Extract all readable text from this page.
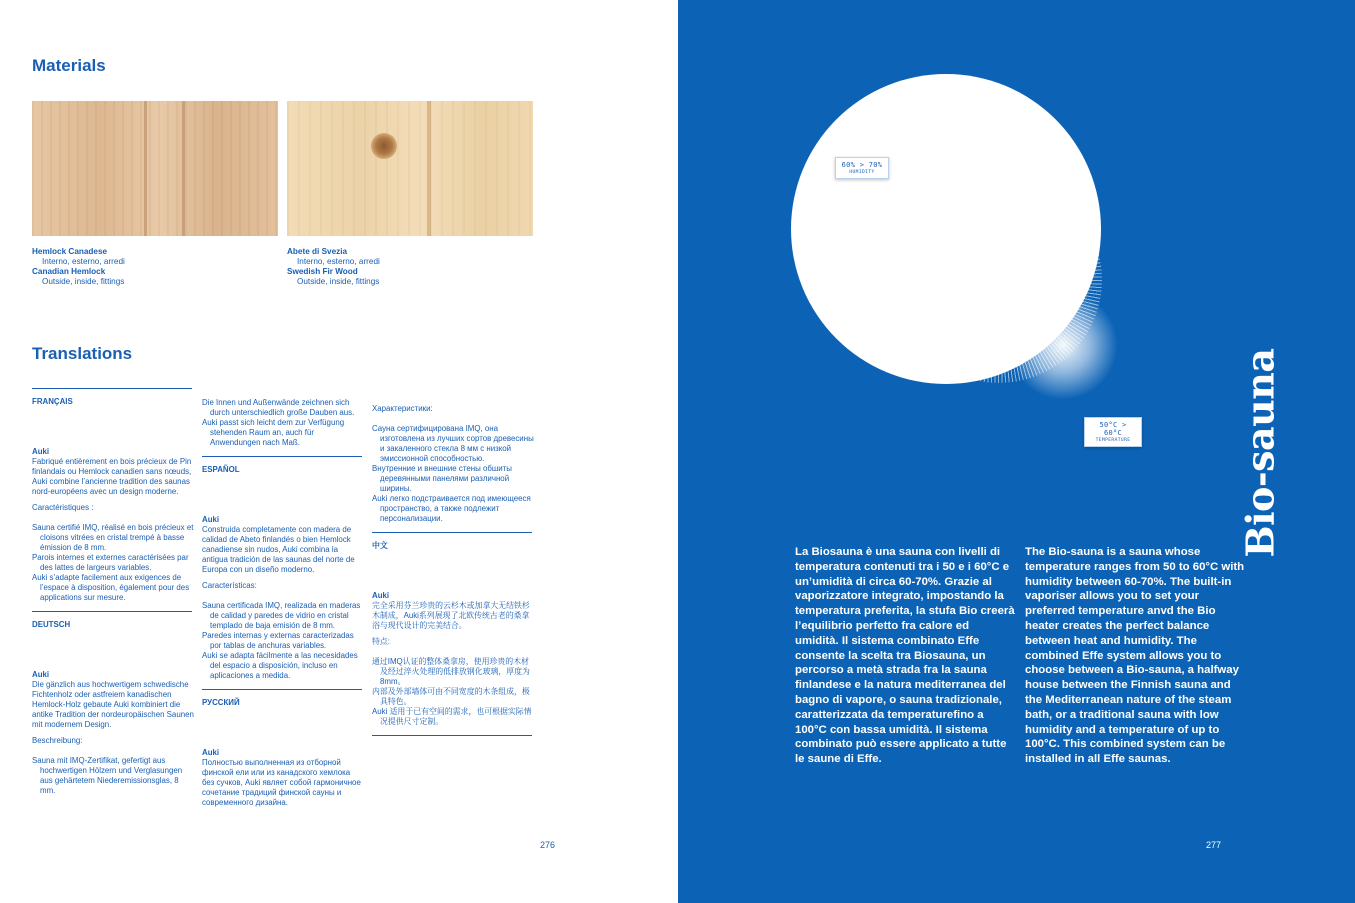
Materials
Hemlock Canadese
Interno, esterno, arredi
Canadian Hemlock
Outside, inside, fittings
Abete di Svezia
Interno, esterno, arredi
Swedish Fir Wood
Outside, inside, fittings
Translations
FRANÇAIS
Auki
Fabriqué entièrement en bois précieux de Pin finlandais ou Hemlock canadien sans nœuds, Auki combine l’ancienne tradition des saunas nord-européens avec un design moderne.
Caractéristiques :
Sauna certifié IMQ, réalisé en bois précieux et cloisons vitrées en cristal trempé à basse émission de 8 mm.
Parois internes et externes caractérisées par des lattes de largeurs variables.
Auki s’adapte facilement aux exigences de l’espace à disposition, également pour des applications sur mesure.
DEUTSCH
Auki
Die gänzlich aus hochwertigem schwedische Fichtenholz oder astfreiem kanadischen Hemlock-Holz gebaute Auki kombiniert die antike Tradition der nordeuropäischen Saunen mit modernem Design.
Beschreibung:
Sauna mit IMQ-Zertifikat, gefertigt aus hochwertigen Hölzern und Verglasungen aus gehärtetem Niederemissionsglas, 8 mm.
Die Innen und Außenwände zeichnen sich durch unterschiedlich große Dauben aus.
Auki passt sich leicht dem zur Verfügung stehenden Raum an, auch für Anwendungen nach Maß.
ESPAÑOL
Auki
Construida completamente con madera de calidad de Abeto finlandés o bien Hemlock canadiense sin nudos, Auki combina la antigua tradición de las saunas del norte de Europa con un diseño moderno.
Características:
Sauna certificada IMQ, realizada en maderas de calidad y paredes de vidrio en cristal templado de baja emisión de 8 mm.
Paredes internas y externas caracterizadas por tablas de anchuras variables.
Auki se adapta fácilmente a las necesidades del espacio a disposición, incluso en aplicaciones a medida.
РУССКИЙ
Auki
Полностью выполненная из отборной финской ели или из канадского хемлока без сучков, Auki являет собой гармоничное сочетание традиций финской сауны и современного дизайна.
Характеристики:
Сауна сертифицирована IMQ, она изготовлена из лучших сортов древесины и закаленного стекла 8 мм с низкой эмиссионной способностью.
Внутренние и внешние стены обшиты деревянными панелями различной ширины.
Auki легко подстраивается под имеющееся пространство, а также подлежит персонализации.
中文
Auki
完全采用芬兰珍贵的云杉木或加拿大无结铁杉木制成，Auki系列展现了北欧传统古老的桑拿浴与现代设计的完美结合。
特点:
通过IMQ认证的整体桑拿房，使用珍贵的木材及经过淬火处理的低排放钢化玻璃，厚度为8mm。
内部及外部墙体可由不同宽度的木条组成，极具特色。
Auki 适用于已有空间的需求，也可根据实际情况提供尺寸定制。
276
60% > 70%
HUMIDITY
50°C > 60°C
TEMPERATURE	Bio-sauna
La Biosauna è una sauna con livelli di temperatura contenuti tra i 50 e i 60°C e un’umidità di circa 60-70%. Grazie al vaporizzatore integrato, impostando la temperatura preferita, la stufa Bio creerà l’equilibrio perfetto fra calore ed umidità. Il sistema combinato Effe consente la scelta tra Biosauna, un percorso a metà strada fra la sauna finlandese e la natura mediterranea del bagno di vapore, o sauna tradizionale, caratterizzata da temperaturefino a 100°C con bassa umidità. Il sistema combinato può essere applicato a tutte le saune di Effe.
The Bio-sauna is a sauna whose temperature ranges from 50 to 60°C with humidity between 60-70%. The built-in vaporiser allows you to set your preferred temperature anvd the Bio heater creates the perfect balance between heat and humidity. The combined Effe system allows you to choose between a Bio-sauna, a halfway house between the Finnish sauna and the Mediterranean nature of the steam bath, or a traditional sauna with low humidity and a temperature of up to 100°C. This combined system can be installed in all Effe saunas.
277
